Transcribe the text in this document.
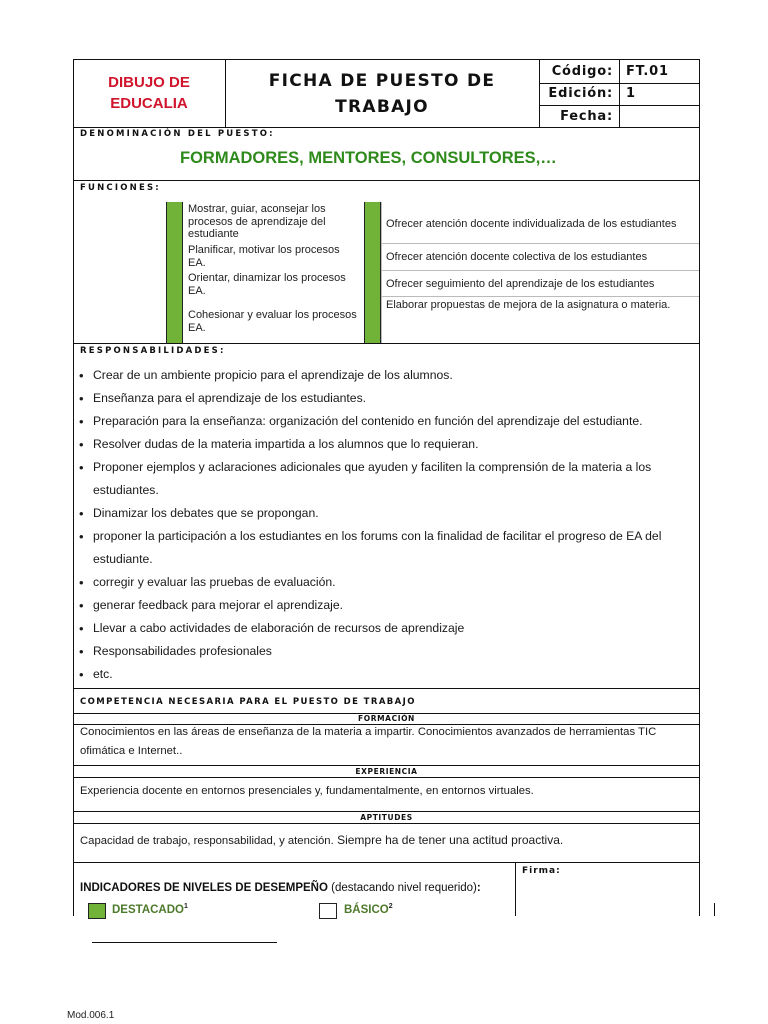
DIBUJO DE
EDUCALIA
FICHA DE PUESTO DE
TRABAJO
Código: FT.01
Edición: 1
Fecha:
DENOMINACIÓN DEL PUESTO:
FORMADORES, MENTORES, CONSULTORES,…
FUNCIONES:
Mostrar, guiar, aconsejar los procesos de aprendizaje del estudiante
Planificar, motivar los procesos EA.
Orientar, dinamizar los procesos EA.
Cohesionar y evaluar los procesos EA.
Ofrecer atención docente individualizada de los estudiantes
Ofrecer atención docente colectiva de los estudiantes
Ofrecer seguimiento del aprendizaje de los estudiantes
Elaborar propuestas de mejora de la asignatura o materia.
RESPONSABILIDADES:
• Crear de un ambiente propicio para el aprendizaje de los alumnos.
• Enseñanza para el aprendizaje de los estudiantes.
• Preparación para la enseñanza: organización del contenido en función del aprendizaje del estudiante.
• Resolver dudas de la materia impartida a los alumnos que lo requieran.
• Proponer ejemplos y aclaraciones adicionales que ayuden y faciliten la comprensión de la materia a los estudiantes.
• Dinamizar los debates que se propongan.
• proponer la participación a los estudiantes en los forums con la finalidad de facilitar el progreso de EA del estudiante.
• corregir y evaluar las pruebas de evaluación.
• generar feedback para mejorar el aprendizaje.
• Llevar a cabo actividades de elaboración de recursos de aprendizaje
• Responsabilidades profesionales
• etc.
COMPETENCIA NECESARIA PARA EL PUESTO DE TRABAJO
FORMACIÓN
Conocimientos en las áreas de enseñanza de la materia a impartir. Conocimientos avanzados de herramientas TIC ofimática e Internet..
EXPERIENCIA
Experiencia docente en entornos presenciales y, fundamentalmente, en entornos virtuales.
APTITUDES
Capacidad de trabajo, responsabilidad, y atención. Siempre ha de tener una actitud proactiva.
INDICADORES DE NIVELES DE DESEMPEÑO (destacando nivel requerido):
Firma:
DESTACADO$^1$	BÁSICO$^2$
Mod.006.1
